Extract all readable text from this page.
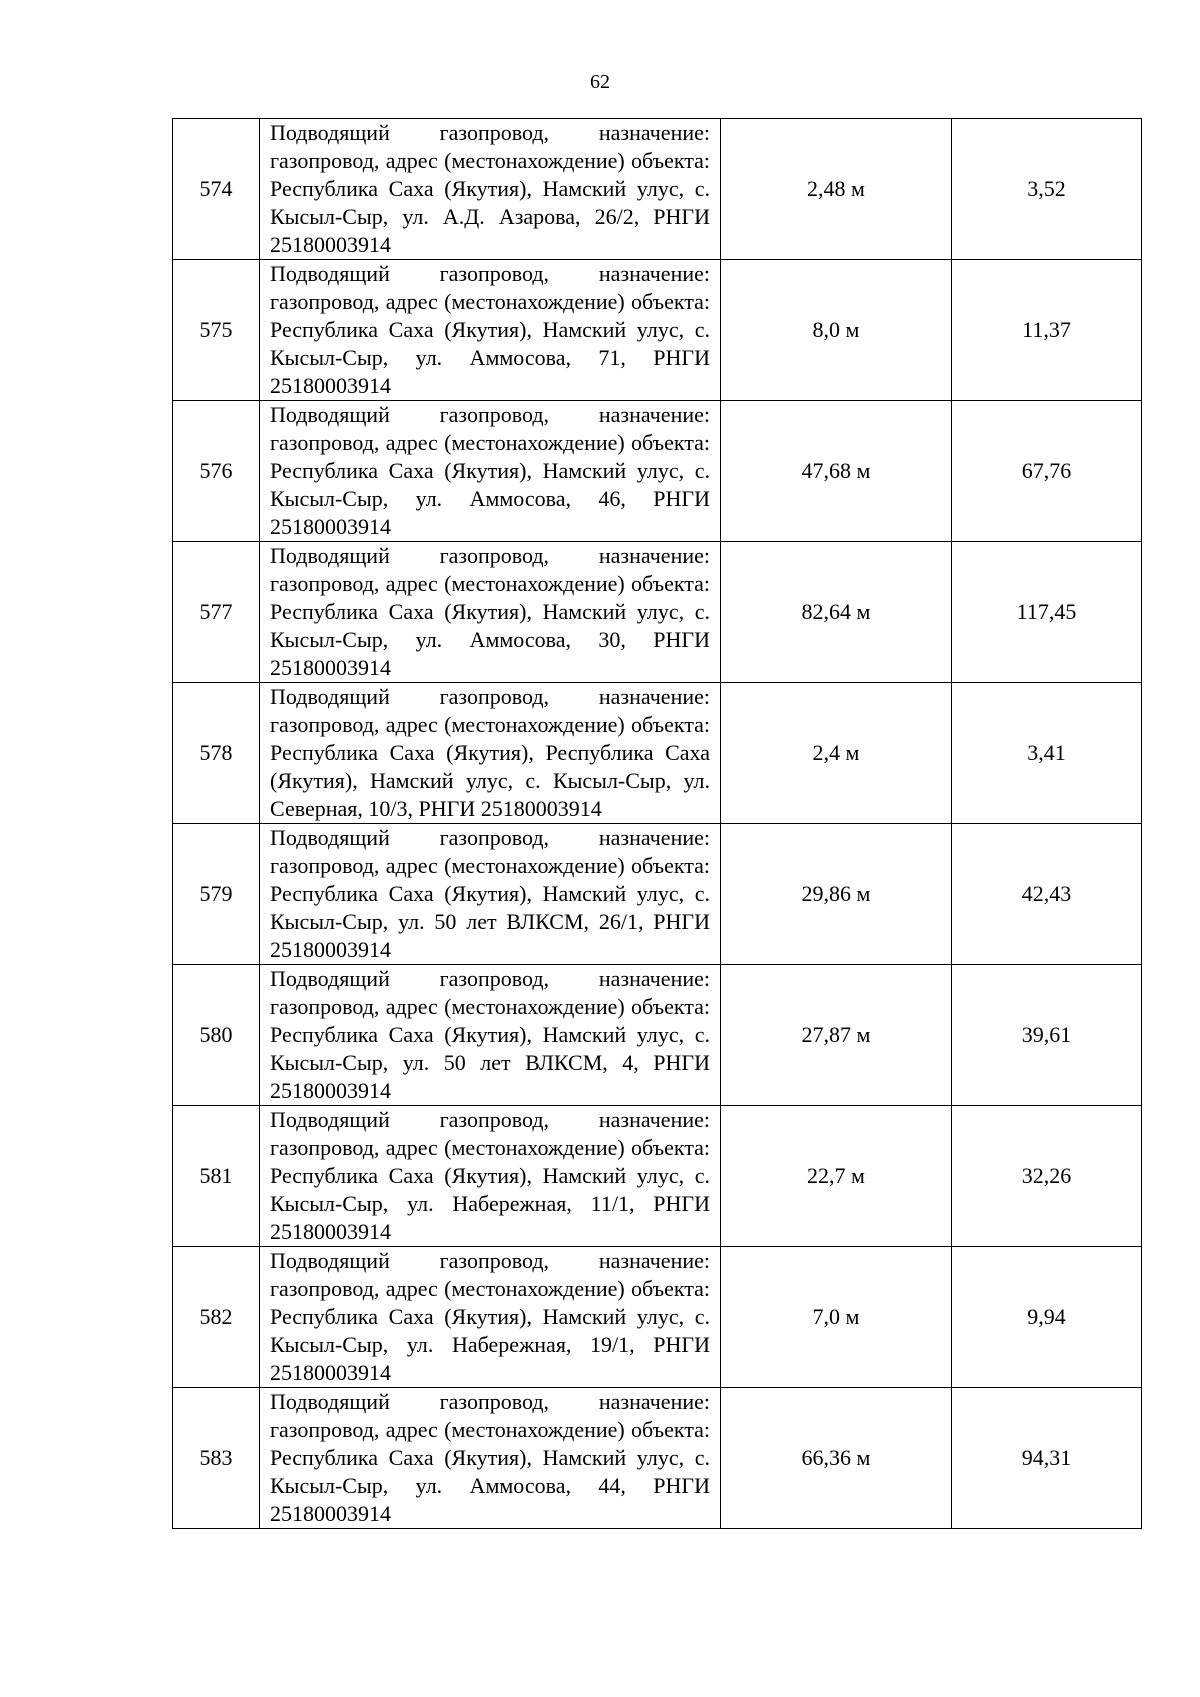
62
574	Подводящий газопровод, назначение: газопровод, адрес (местонахождение) объекта: Республика Саха (Якутия), Намский улус, с. Кысыл-Сыр, ул. А.Д. Азарова, 26/2, РНГИ 25180003914	2,48 м	3,52
575	Подводящий газопровод, назначение: газопровод, адрес (местонахождение) объекта: Республика Саха (Якутия), Намский улус, с. Кысыл-Сыр, ул. Аммосова, 71, РНГИ 25180003914	8,0 м	11,37
576	Подводящий газопровод, назначение: газопровод, адрес (местонахождение) объекта: Республика Саха (Якутия), Намский улус, с. Кысыл-Сыр, ул. Аммосова, 46, РНГИ 25180003914	47,68 м	67,76
577	Подводящий газопровод, назначение: газопровод, адрес (местонахождение) объекта: Республика Саха (Якутия), Намский улус, с. Кысыл-Сыр, ул. Аммосова, 30, РНГИ 25180003914	82,64 м	117,45
578	Подводящий газопровод, назначение: газопровод, адрес (местонахождение) объекта: Республика Саха (Якутия), Республика Саха (Якутия), Намский улус, с. Кысыл-Сыр, ул. Северная, 10/3, РНГИ 25180003914	2,4 м	3,41
579	Подводящий газопровод, назначение: газопровод, адрес (местонахождение) объекта: Республика Саха (Якутия), Намский улус, с. Кысыл-Сыр, ул. 50 лет ВЛКСМ, 26/1, РНГИ 25180003914	29,86 м	42,43
580	Подводящий газопровод, назначение: газопровод, адрес (местонахождение) объекта: Республика Саха (Якутия), Намский улус, с. Кысыл-Сыр, ул. 50 лет ВЛКСМ, 4, РНГИ 25180003914	27,87 м	39,61
581	Подводящий газопровод, назначение: газопровод, адрес (местонахождение) объекта: Республика Саха (Якутия), Намский улус, с. Кысыл-Сыр, ул. Набережная, 11/1, РНГИ 25180003914	22,7 м	32,26
582	Подводящий газопровод, назначение: газопровод, адрес (местонахождение) объекта: Республика Саха (Якутия), Намский улус, с. Кысыл-Сыр, ул. Набережная, 19/1, РНГИ 25180003914	7,0 м	9,94
583	Подводящий газопровод, назначение: газопровод, адрес (местонахождение) объекта: Республика Саха (Якутия), Намский улус, с. Кысыл-Сыр, ул. Аммосова, 44, РНГИ 25180003914	66,36 м	94,31
